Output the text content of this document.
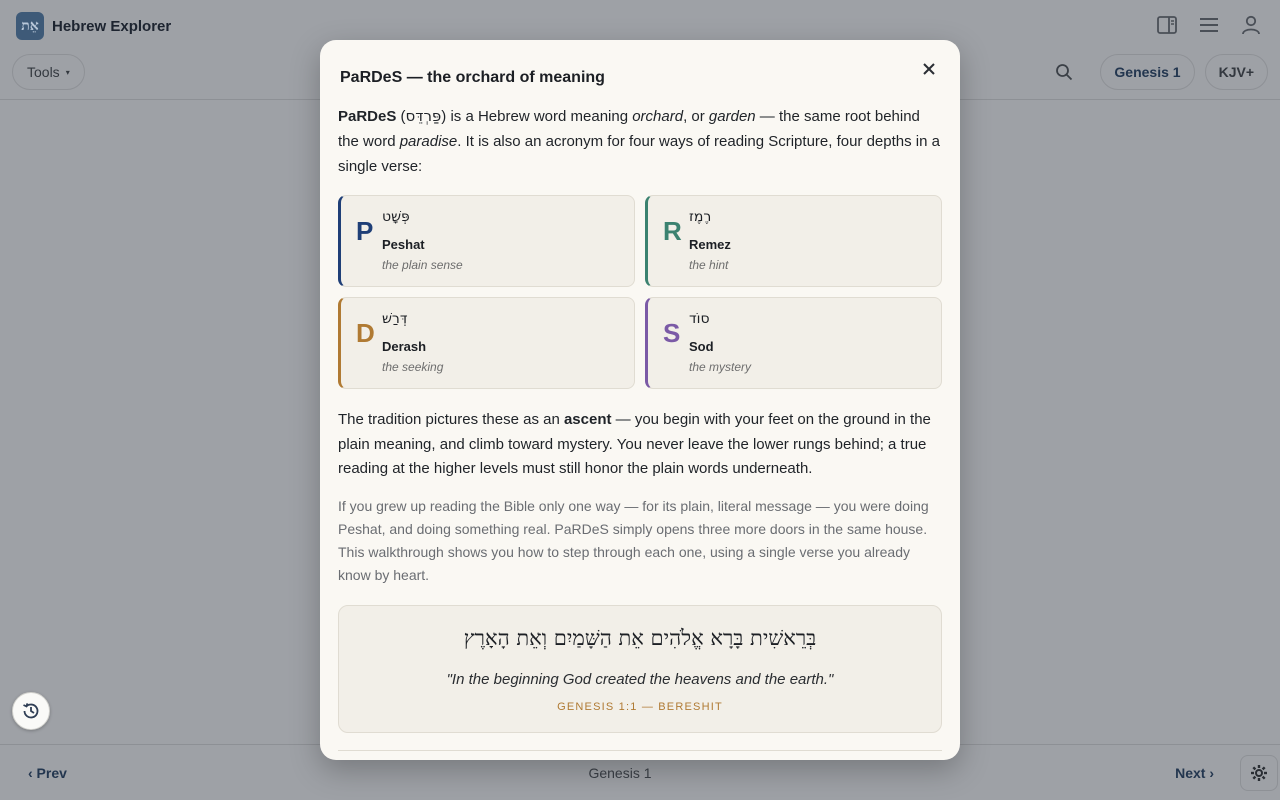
אֵת Hebrew Explorer
Tools ▾	Genesis 1	KJV+
‹ Prev	Genesis 1	Next ›
PaRDeS — the orchard of meaning

PaRDeS (פַּרְדֵּס) is a Hebrew word meaning orchard, or garden — the same root behind the word paradise. It is also an acronym for four ways of reading Scripture, four depths in a single verse:

P פְּשָׁט
Peshat
the plain sense
R רֶמֶז
Remez
the hint
D דְּרַשׁ
Derash
the seeking
S סוֹד
Sod
the mystery

The tradition pictures these as an ascent — you begin with your feet on the ground in the plain meaning, and climb toward mystery. You never leave the lower rungs behind; a true reading at the higher levels must still honor the plain words underneath.

If you grew up reading the Bible only one way — for its plain, literal message — you were doing Peshat, and doing something real. PaRDeS simply opens three more doors in the same house. This walkthrough shows you how to step through each one, using a single verse you already know by heart.

בְּרֵאשִׁית בָּרָא אֱלֹהִים אֵת הַשָּׁמַיִם וְאֵת הָאָרֶץ
"In the beginning God created the heavens and the earth."
GENESIS 1:1 — BERESHIT
